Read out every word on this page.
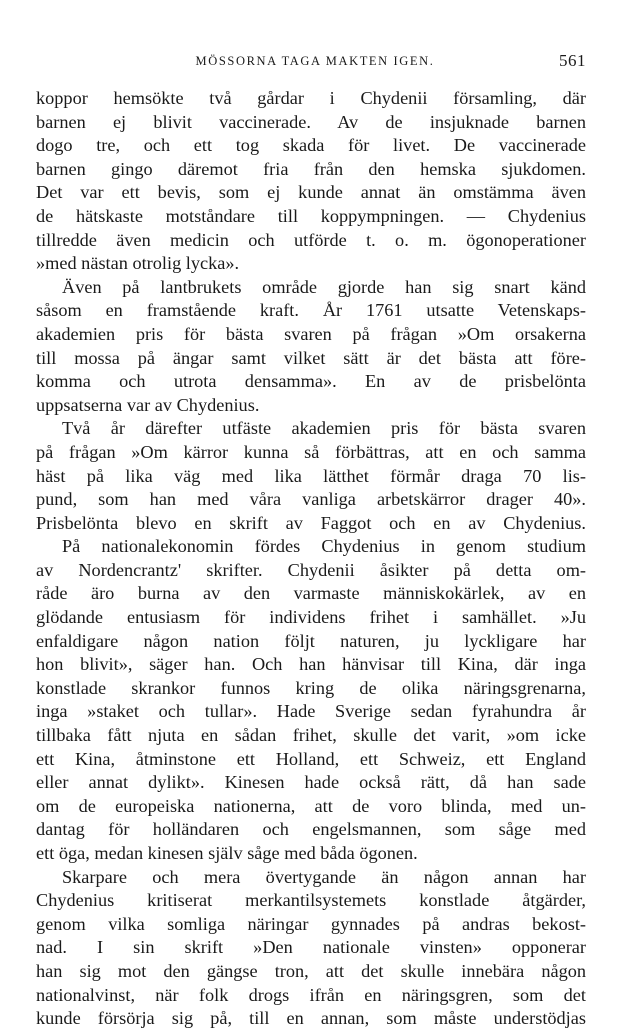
MÖSSORNA TAGA MAKTEN IGEN.	561
koppor hemsökte två gårdar i Chydenii församling, där
barnen ej blivit vaccinerade. Av de insjuknade barnen
dogo tre, och ett tog skada för livet. De vaccinerade
barnen gingo däremot fria från den hemska sjukdomen.
Det var ett bevis, som ej kunde annat än omstämma även
de hätskaste motståndare till koppympningen. — Chydenius
tillredde även medicin och utförde t. o. m. ögonoperationer
»med nästan otrolig lycka».
Även på lantbrukets område gjorde han sig snart känd
såsom en framstående kraft. År 1761 utsatte Vetenskaps-
akademien pris för bästa svaren på frågan »Om orsakerna
till mossa på ängar samt vilket sätt är det bästa att före-
komma och utrota densamma». En av de prisbelönta
uppsatserna var av Chydenius.
Två år därefter utfäste akademien pris för bästa svaren
på frågan »Om kärror kunna så förbättras, att en och samma
häst på lika väg med lika lätthet förmår draga 70 lis-
pund, som han med våra vanliga arbetskärror drager 40».
Prisbelönta blevo en skrift av Faggot och en av Chydenius.
På nationalekonomin fördes Chydenius in genom studium
av Nordencrantz' skrifter. Chydenii åsikter på detta om-
råde äro burna av den varmaste människokärlek, av en
glödande entusiasm för individens frihet i samhället. »Ju
enfaldigare någon nation följt naturen, ju lyckligare har
hon blivit», säger han. Och han hänvisar till Kina, där inga
konstlade skrankor funnos kring de olika näringsgrenarna,
inga »staket och tullar». Hade Sverige sedan fyrahundra år
tillbaka fått njuta en sådan frihet, skulle det varit, »om icke
ett Kina, åtminstone ett Holland, ett Schweiz, ett England
eller annat dylikt». Kinesen hade också rätt, då han sade
om de europeiska nationerna, att de voro blinda, med un-
dantag för holländaren och engelsmannen, som såge med
ett öga, medan kinesen själv såge med båda ögonen.
Skarpare och mera övertygande än någon annan har
Chydenius kritiserat merkantilsystemets konstlade åtgärder,
genom vilka somliga näringar gynnades på andras bekost-
nad. I sin skrift »Den nationale vinsten» opponerar
han sig mot den gängse tron, att det skulle innebära någon
nationalvinst, när folk drogs ifrån en näringsgren, som det
kunde försörja sig på, till en annan, som måste understödjas
